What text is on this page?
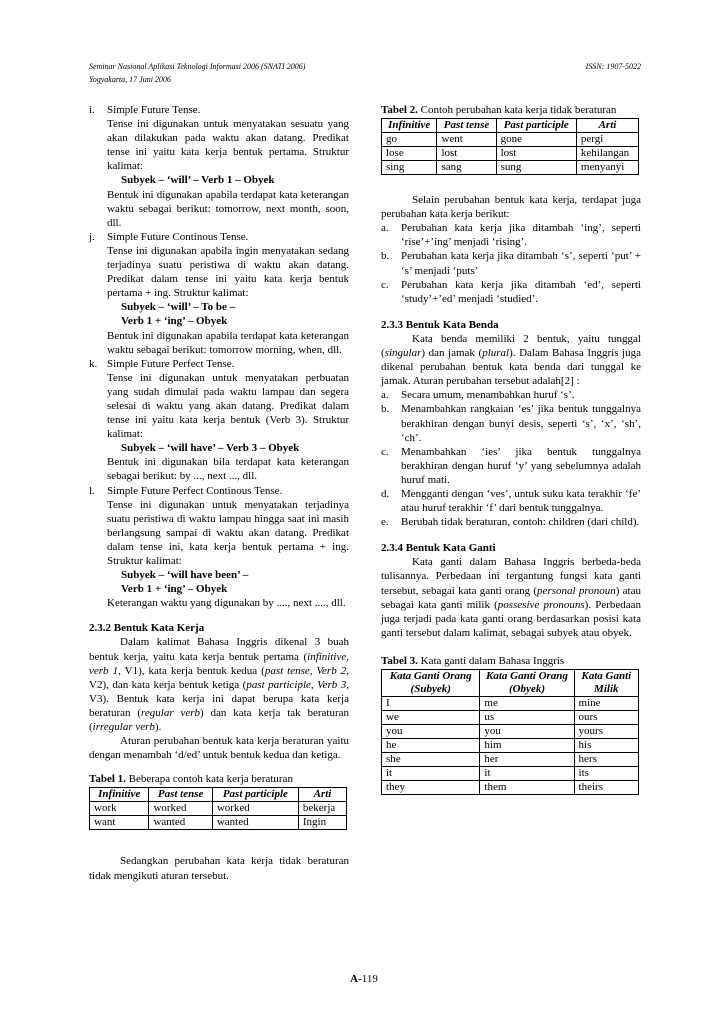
Seminar Nasional Aplikasi Teknologi Informasi 2006 (SNATI 2006)
Yogyakarta, 17 Juni 2006
ISSN: 1907-5022
i.	Simple Future Tense.
Tense ini digunakan untuk menyatakan sesuatu yang akan dilakukan pada waktu akan datang. Predikat tense ini yaitu kata kerja bentuk pertama. Struktur kalimat:
Subyek – ‘will’ – Verb 1 – Obyek
Bentuk ini digunakan apabila terdapat kata keterangan waktu sebagai berikut: tomorrow, next month, soon, dll.
j.	Simple Future Continous Tense.
Tense ini digunakan apabila ingin menyatakan sedang terjadinya suatu peristiwa di waktu akan datang. Predikat dalam tense ini yaitu kata kerja bentuk pertama + ing. Struktur kalimat:
Subyek – ‘will’ – To be –
Verb 1 + ‘ing’ – Obyek
Bentuk ini digunakan apabila terdapat kata keterangan waktu sebagai berikut: tomorrow morning, when, dll.
k. Simple Future Perfect Tense.
Tense ini digunakan untuk menyatakan perbuatan yang sudah dimulai pada waktu lampau dan segera selesai di waktu yang akan datang. Predikat dalam tense ini yaitu kata kerja bentuk (Verb 3). Struktur kalimat:
Subyek – ‘will have’ – Verb 3 – Obyek
Bentuk ini digunakan bila terdapat kata keterangan sebagai berikut: by ..., next ..., dll.
l.	Simple Future Perfect Continous Tense.
Tense ini digunakan untuk menyatakan terjadinya suatu peristiwa di waktu lampau hingga saat ini masih berlangsung sampai di waktu akan datang. Predikat dalam tense ini, kata kerja bentuk pertama + ing. Struktur kalimat:
Subyek – ‘will have been’ –
Verb 1 + ‘ing’ – Obyek
Keterangan waktu yang digunakan by ...., next ...., dll.
2.3.2 Bentuk Kata Kerja
Dalam kalimat Bahasa Inggris dikenal 3 buah bentuk kerja, yaitu kata kerja bentuk pertama (infinitive, verb 1, V1), kata kerja bentuk kedua (past tense, Verb 2, V2), dan kata kerja bentuk ketiga (past participle, Verb 3, V3). Bentuk kata kerja ini dapat berupa kata kerja beraturan (regular verb) dan kata kerja tak beraturan (irregular verb).
Aturan perubahan bentuk kata kerja beraturan yaitu dengan menambah ‘d/ed’ untuk bentuk kedua dan ketiga.
Tabel 1. Beberapa contoh kata kerja beraturan
Infinitive	Past tense	Past participle	Arti
work	worked	worked	bekerja
want	wanted	wanted	Ingin
Sedangkan perubahan kata kerja tidak beraturan tidak mengikuti aturan tersebut.
Tabel 2. Contoh perubahan kata kerja tidak beraturan
Infinitive	Past tense	Past participle	Arti
go	went	gone	pergi
lose	lost	lost	kehilangan
sing	sang	sung	menyanyi
Selain perubahan bentuk kata kerja, terdapat juga perubahan kata kerja berikut:
a.	Perubahan kata kerja jika ditambah ‘ing’, seperti ‘rise’+’ing’ menjadi ‘rising’.
b.	Perubahan kata kerja jika ditambah ‘s’, seperti ‘put’ + ‘s’ menjadi ‘puts’
c.	Perubahan kata kerja jika ditambah ‘ed’, seperti ‘study’+’ed’ menjadi ‘studied’.
2.3.3 Bentuk Kata Benda
Kata benda memiliki 2 bentuk, yaitu tunggal (singular) dan jamak (plural). Dalam Bahasa Inggris juga dikenal perubahan bentuk kata benda dari tunggal ke jamak. Aturan perubahan tersebut adalah[2] :
a.	Secara umum, menambahkan huruf ‘s’.
b.	Menambahkan rangkaian ‘es’ jika bentuk tunggalnya berakhiran dengan bunyi desis, seperti ‘s’, ‘x’, ‘sh’, ‘ch’.
c.	Menambahkan ‘ies’ jika bentuk tunggalnya berakhiran dengan huruf ‘y’ yang sebelumnya adalah huruf mati.
d.	Mengganti dengan ‘ves’, untuk suku kata terakhir ‘fe’ atau huruf terakhir ‘f’ dari bentuk tunggalnya.
e.	Berubah tidak beraturan, contoh: children (dari child).
2.3.4 Bentuk Kata Ganti
Kata ganti dalam Bahasa Inggris berbeda-beda tulisannya. Perbedaan ini tergantung fungsi kata ganti tersebut, sebagai kata ganti orang (personal pronoun) atau sebagai kata ganti milik (possesive pronouns). Perbedaan juga terjadi pada kata ganti orang berdasarkan posisi kata ganti tersebut dalam kalimat, sebagai subyek atau obyek.
Tabel 3. Kata ganti dalam Bahasa Inggris
Kata Ganti Orang (Subyek)	Kata Ganti Orang (Obyek)	Kata Ganti Milik
I	me	mine
we	us	ours
you	you	yours
he	him	his
she	her	hers
it	it	its
they	them	theirs
A-119
